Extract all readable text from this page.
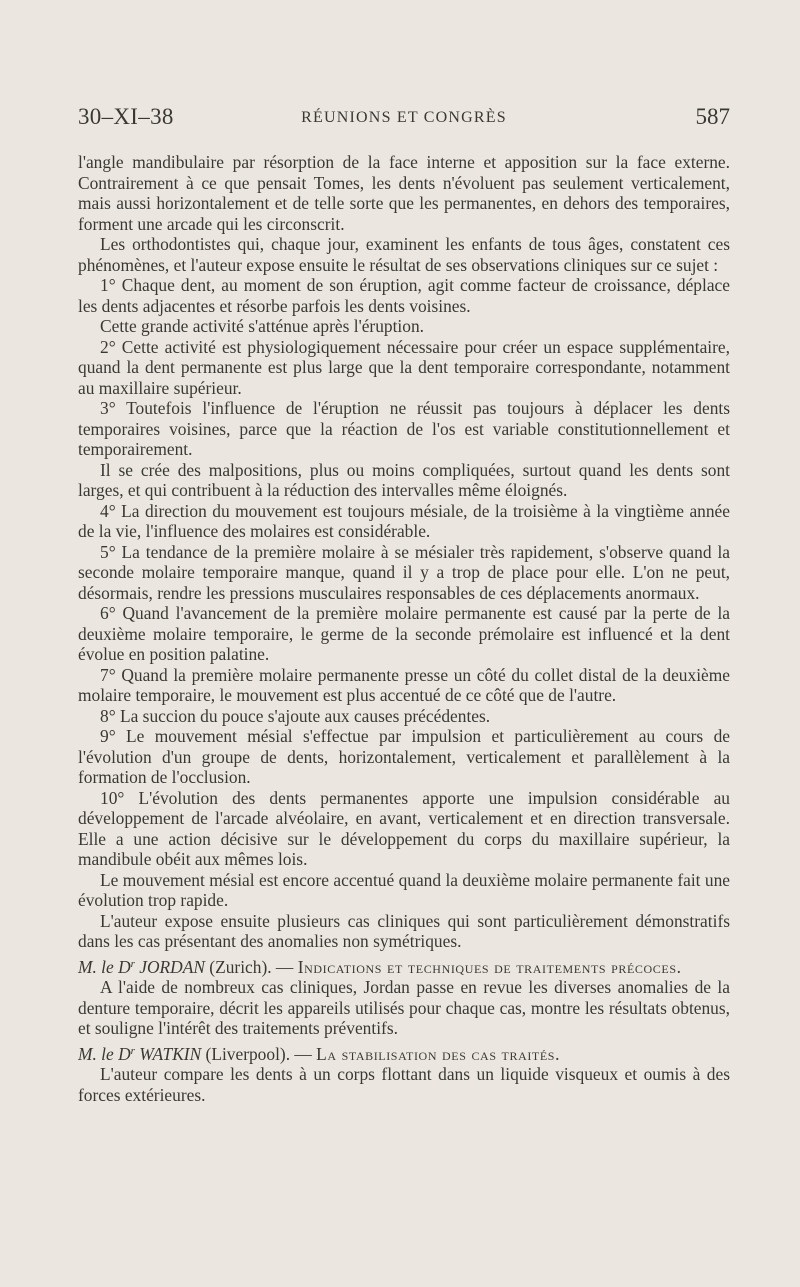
30–XI–38	RÉUNIONS ET CONGRÈS	587

l'angle mandibulaire par résorption de la face interne et apposition sur la face externe. Contrairement à ce que pensait Tomes, les dents n'évoluent pas seulement verticalement, mais aussi horizontalement et de telle sorte que les permanentes, en dehors des temporaires, forment une arcade qui les circonscrit.

Les orthodontistes qui, chaque jour, examinent les enfants de tous âges, constatent ces phénomènes, et l'auteur expose ensuite le résultat de ses observations cliniques sur ce sujet :

1° Chaque dent, au moment de son éruption, agit comme facteur de croissance, déplace les dents adjacentes et résorbe parfois les dents voisines.

Cette grande activité s'atténue après l'éruption.

2° Cette activité est physiologiquement nécessaire pour créer un espace supplémentaire, quand la dent permanente est plus large que la dent temporaire correspondante, notamment au maxillaire supérieur.

3° Toutefois l'influence de l'éruption ne réussit pas toujours à déplacer les dents temporaires voisines, parce que la réaction de l'os est variable constitutionnellement et temporairement.

Il se crée des malpositions, plus ou moins compliquées, surtout quand les dents sont larges, et qui contribuent à la réduction des intervalles même éloignés.

4° La direction du mouvement est toujours mésiale, de la troisième à la vingtième année de la vie, l'influence des molaires est considérable.

5° La tendance de la première molaire à se mésialer très rapidement, s'observe quand la seconde molaire temporaire manque, quand il y a trop de place pour elle. L'on ne peut, désormais, rendre les pressions musculaires responsables de ces déplacements anormaux.

6° Quand l'avancement de la première molaire permanente est causé par la perte de la deuxième molaire temporaire, le germe de la seconde prémolaire est influencé et la dent évolue en position palatine.

7° Quand la première molaire permanente presse un côté du collet distal de la deuxième molaire temporaire, le mouvement est plus accentué de ce côté que de l'autre.

8° La succion du pouce s'ajoute aux causes précédentes.

9° Le mouvement mésial s'effectue par impulsion et particulièrement au cours de l'évolution d'un groupe de dents, horizontalement, verticalement et parallèlement à la formation de l'occlusion.

10° L'évolution des dents permanentes apporte une impulsion considérable au développement de l'arcade alvéolaire, en avant, verticalement et en direction transversale. Elle a une action décisive sur le développement du corps du maxillaire supérieur, la mandibule obéit aux mêmes lois.

Le mouvement mésial est encore accentué quand la deuxième molaire permanente fait une évolution trop rapide.

L'auteur expose ensuite plusieurs cas cliniques qui sont particulièrement démonstratifs dans les cas présentant des anomalies non symétriques.

M. le $D^r$ JORDAN (Zurich). — Indications et techniques de traitements précoces.

A l'aide de nombreux cas cliniques, Jordan passe en revue les diverses anomalies de la denture temporaire, décrit les appareils utilisés pour chaque cas, montre les résultats obtenus, et souligne l'intérêt des traitements préventifs.

M. le $D^r$ WATKIN (Liverpool). — La stabilisation des cas traités.

L'auteur compare les dents à un corps flottant dans un liquide visqueux et oumis à des forces extérieures.
